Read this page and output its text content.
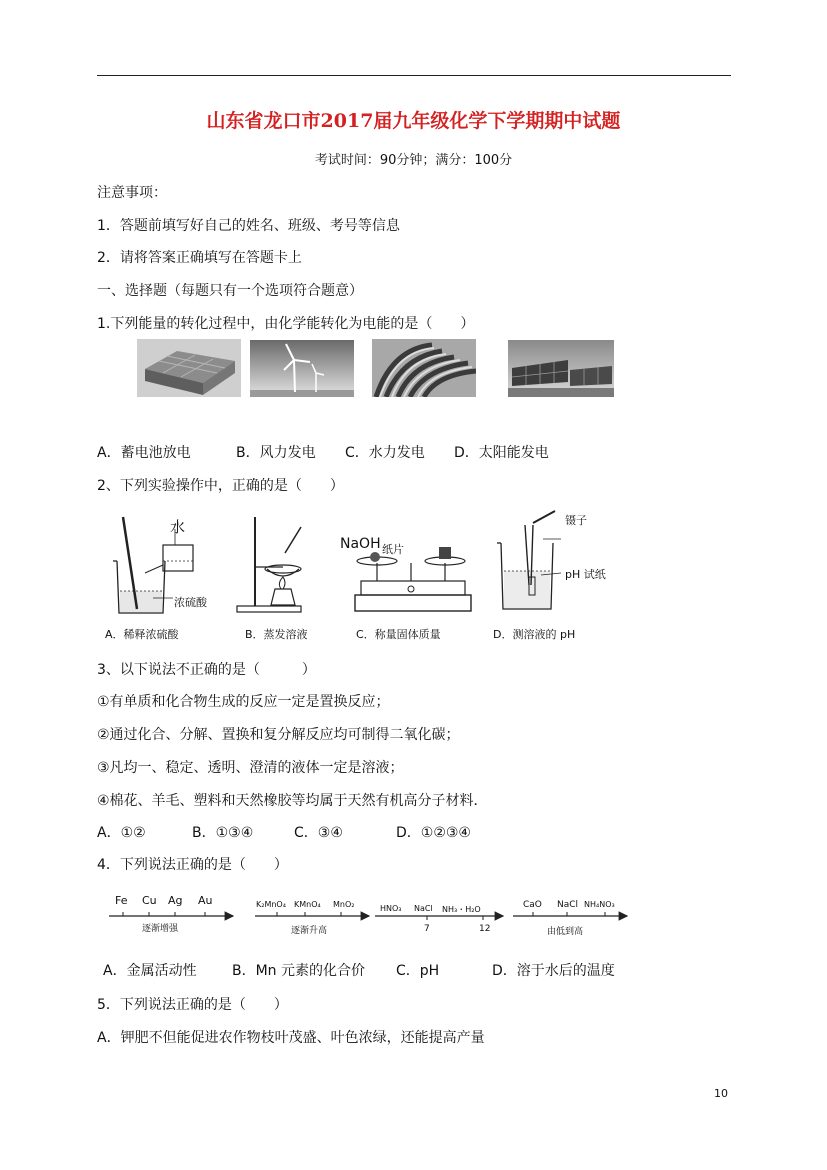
山东省龙口市2017届九年级化学下学期期中试题
考试时间：90分钟；满分：100分
注意事项：
1．答题前填写好自己的姓名、班级、考号等信息
2．请将答案正确填写在答题卡上
一、选择题（每题只有一个选项符合题意）
1.下列能量的转化过程中，由化学能转化为电能的是（　　）
A．蓄电池放电	B．风力发电 C．水力发电 D．太阳能发电
2、下列实验操作中，正确的是（　　）
水
浓硫酸
NaOH 纸片
镊子
pH 试纸
A．稀释浓硫酸	B．蒸发溶液	C．称量固体质量	D．测溶液的 pH
3、以下说法不正确的是（　　　）
①有单质和化合物生成的反应一定是置换反应；
②通过化合、分解、置换和复分解反应均可制得二氧化碳；
③凡均一、稳定、透明、澄清的液体一定是溶液；
④棉花、羊毛、塑料和天然橡胶等均属于天然有机高分子材料．
A．①②	B．①③④	C．③④	D．①②③④
4．下列说法正确的是（　　）
Fe Cu Ag Au
逐渐增强
K₂MnO₄ KMnO₄ MnO₂
逐渐升高
HNO₃ NaCl NH₃・H₂O
7	12
CaO NaCl NH₄NO₃
由低到高
A．金属活动性	B．Mn 元素的化合价 C．pH	D．溶于水后的温度
5．下列说法正确的是（　　）
A．钾肥不但能促进农作物枝叶茂盛、叶色浓绿，还能提高产量
10
